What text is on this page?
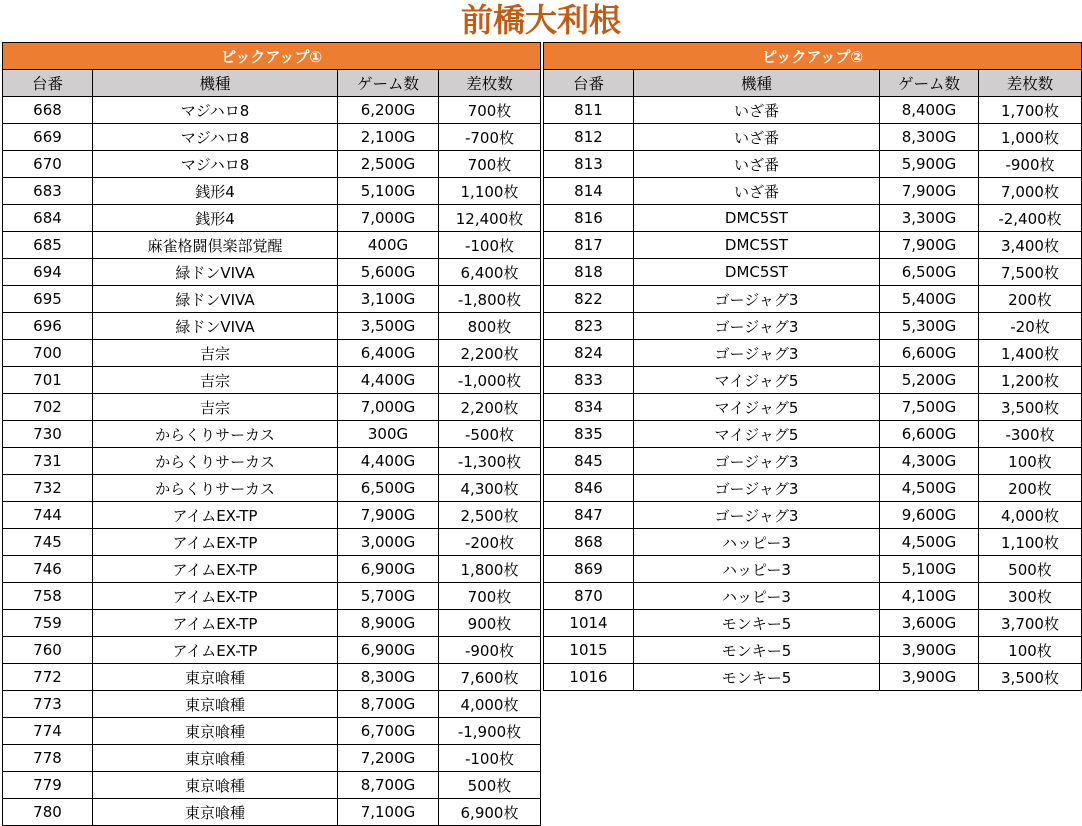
前橋大利根
ピックアップ①			
台番	機種	ゲーム数	差枚数
668	マジハロ8	6,200G	700枚
669	マジハロ8	2,100G	-700枚
670	マジハロ8	2,500G	700枚
683	銭形4	5,100G	1,100枚
684	銭形4	7,000G	12,400枚
685	麻雀格闘倶楽部覚醒	400G	-100枚
694	緑ドンVIVA	5,600G	6,400枚
695	緑ドンVIVA	3,100G	-1,800枚
696	緑ドンVIVA	3,500G	800枚
700	吉宗	6,400G	2,200枚
701	吉宗	4,400G	-1,000枚
702	吉宗	7,000G	2,200枚
730	からくりサーカス	300G	-500枚
731	からくりサーカス	4,400G	-1,300枚
732	からくりサーカス	6,500G	4,300枚
744	アイムEX-TP	7,900G	2,500枚
745	アイムEX-TP	3,000G	-200枚
746	アイムEX-TP	6,900G	1,800枚
758	アイムEX-TP	5,700G	700枚
759	アイムEX-TP	8,900G	900枚
760	アイムEX-TP	6,900G	-900枚
772	東京喰種	8,300G	7,600枚
773	東京喰種	8,700G	4,000枚
774	東京喰種	6,700G	-1,900枚
778	東京喰種	7,200G	-100枚
779	東京喰種	8,700G	500枚
780	東京喰種	7,100G	6,900枚
ピックアップ②			
台番	機種	ゲーム数	差枚数
811	いざ番	8,400G	1,700枚
812	いざ番	8,300G	1,000枚
813	いざ番	5,900G	-900枚
814	いざ番	7,900G	7,000枚
816	DMC5ST	3,300G	-2,400枚
817	DMC5ST	7,900G	3,400枚
818	DMC5ST	6,500G	7,500枚
822	ゴージャグ3	5,400G	200枚
823	ゴージャグ3	5,300G	-20枚
824	ゴージャグ3	6,600G	1,400枚
833	マイジャグ5	5,200G	1,200枚
834	マイジャグ5	7,500G	3,500枚
835	マイジャグ5	6,600G	-300枚
845	ゴージャグ3	4,300G	100枚
846	ゴージャグ3	4,500G	200枚
847	ゴージャグ3	9,600G	4,000枚
868	ハッピー3	4,500G	1,100枚
869	ハッピー3	5,100G	500枚
870	ハッピー3	4,100G	300枚
1014	モンキー5	3,600G	3,700枚
1015	モンキー5	3,900G	100枚
1016	モンキー5	3,900G	3,500枚
